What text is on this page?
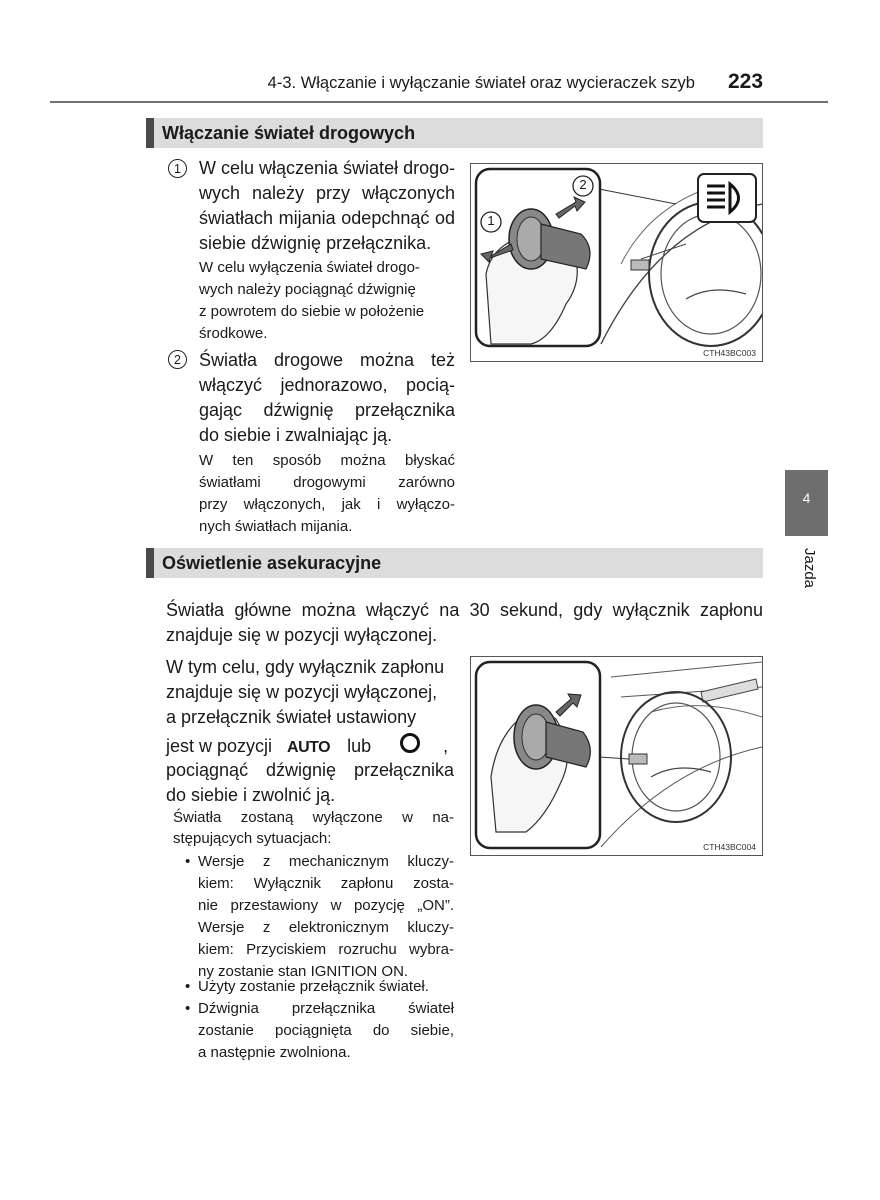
4-3. Włączanie i wyłączanie świateł oraz wycieraczek szyb 223
4
Jazda
Włączanie świateł drogowych
1	W celu włączenia świateł drogo-
wych należy przy włączonych
światłach mijania odepchnąć od
siebie dźwignię przełącznika.
W celu wyłączenia świateł drogo-
wych należy pociągnąć dźwignię
z powrotem do siebie w położenie
środkowe.
2	Światła drogowe można też
włączyć jednorazowo, pocią-
gając dźwignię przełącznika
do siebie i zwalniając ją.
W ten sposób można błyskać
światłami drogowymi zarówno
przy włączonych, jak i wyłączo-
nych światłach mijania.
2
1
CTH43BC003
Oświetlenie asekuracyjne
Światła główne można włączyć na 30 sekund, gdy wyłącznik zapłonu
znajduje się w pozycji wyłączonej.
W tym celu, gdy wyłącznik zapłonu
znajduje się w pozycji wyłączonej,
a przełącznik świateł ustawiony
jest w pozycji AUTO lub	,
pociągnąć dźwignię przełącznika
do siebie i zwolnić ją.
Światła zostaną wyłączone w na-
stępujących sytuacjach:
• Wersje z mechanicznym kluczy-
kiem: Wyłącznik zapłonu zosta-
nie przestawiony w pozycję „ON”.
Wersje z elektronicznym kluczy-
kiem: Przyciskiem rozruchu wybra-
ny zostanie stan IGNITION ON.
• Użyty zostanie przełącznik świateł.
• Dźwignia przełącznika świateł
zostanie pociągnięta do siebie,
a następnie zwolniona.
CTH43BC004
